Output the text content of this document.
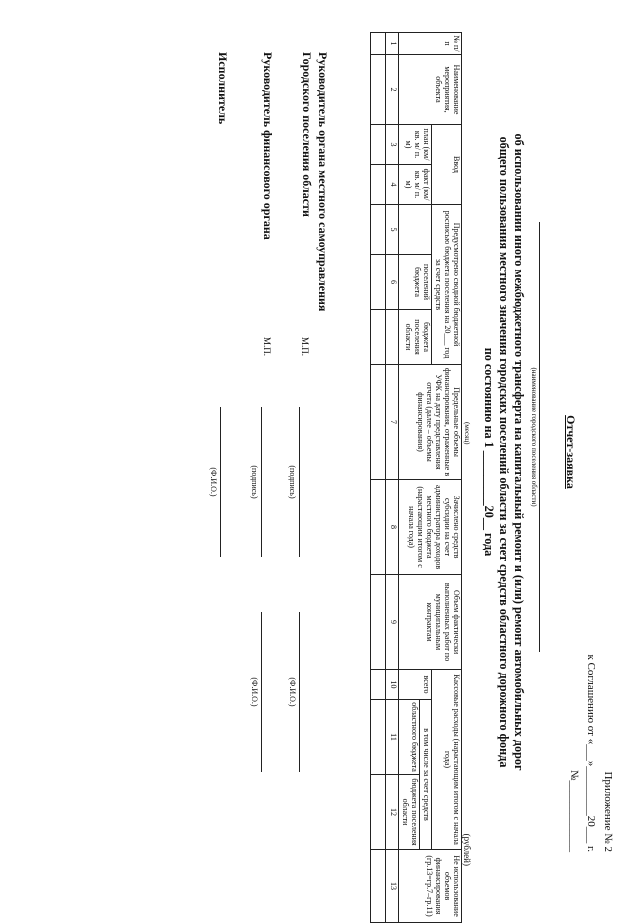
Приложение № 2
к Соглашению от «___»_________20___ г.
№_____________
Отчет-заявка
(наименование городского поселения области)
об использовании иного межбюджетного трансферта на капитальный ремонт и (или) ремонт автомобильных дорог
общего пользования местного значения городских поселений области за счет средств областного дорожного фонда
по состоянию на 1 _________20__ года
(месяц)
(рублей)
№ п/п	Наименование мероприятия, объекта	Ввод		Предусмотрено сводной бюджетной росписью бюджета поселения на 20___ год за счет средств			Предельные объемы финансирования, отраженные в УФК на дату представления отчета (далее – объемы финансирования)	Зачислено средств субсидии на счет администратора доходов местного бюджета (нарастающим итогом с начала года)	Объем фактически выполненных работ по муниципальным контрактам	Кассовые расходы (нарастающим итогом с начала года)			Не использование объемов финансирования (гр.13=гр.7–гр.11)
		план (км/ кв. м/ п. м)	факт (км/ кв. м/ п. м)		поселений бюджета	бюджета поселения области				всего	в том числе за счет средств		
											областного бюджета	бюджета поселения области	
1	2	3	4	5	6		7	8	9	10	11	12	13

Руководитель органа местного самоуправления
Городского поселения области
М.П.
(подпись)
(Ф.И.О.)
Руководитель финансового органа
М.П.
(подпись)
(Ф.И.О.)
Исполнитель
(Ф.И.О.)
